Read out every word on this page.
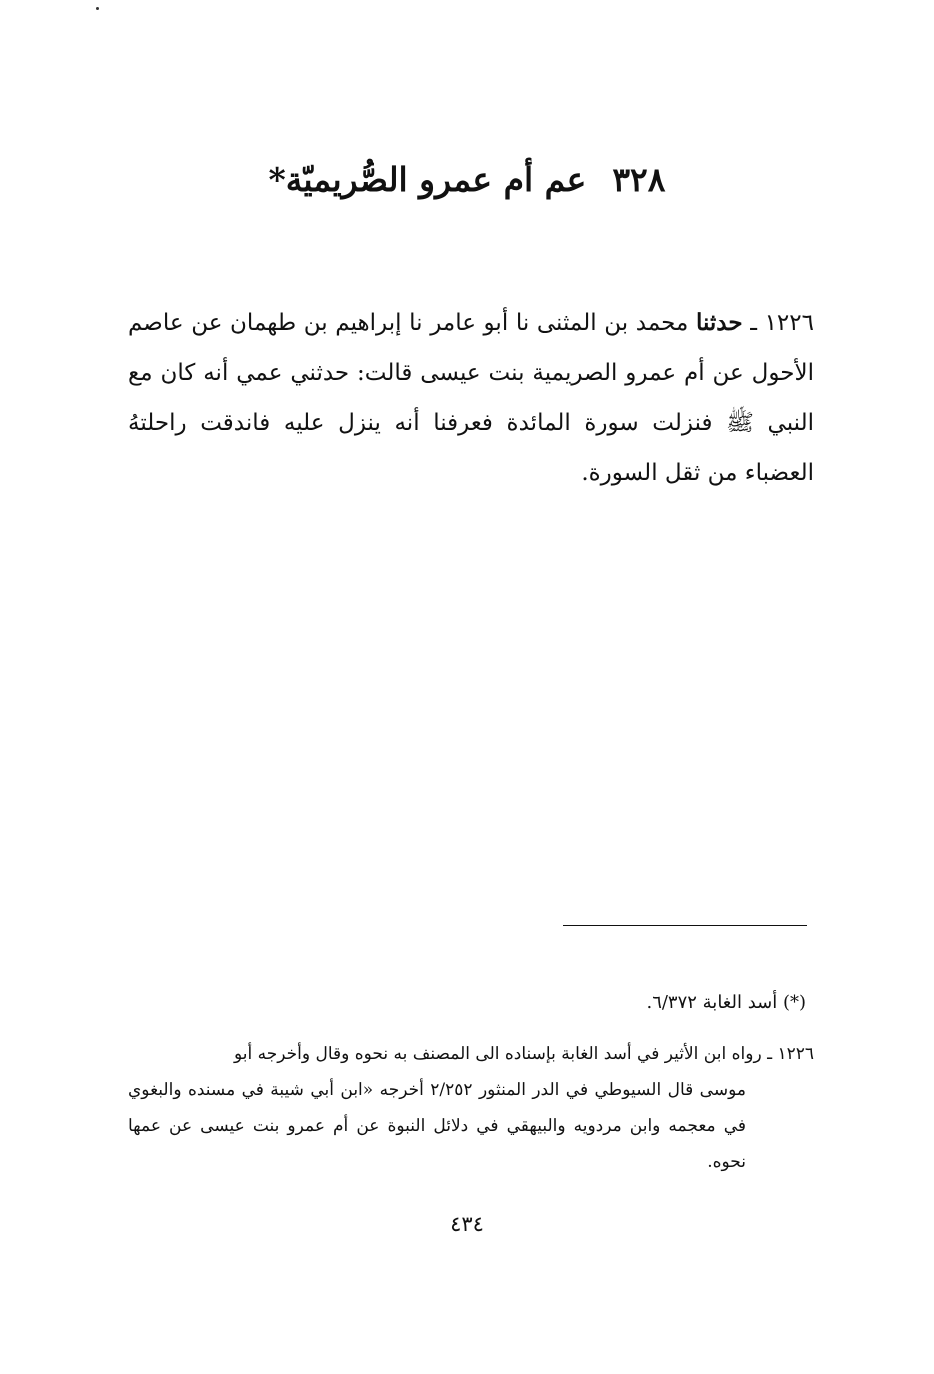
٣٢٨عم أم عمرو الصُّريميّة*
١٢٢٦ ـ حدثنا محمد بن المثنى نا أبو عامر نا إبراهيم بن طهمان عن عاصم الأحول عن أم عمرو الصريمية بنت عيسى قالت: حدثني عمي أنه كان مع النبي ﷺ فنزلت سورة المائدة فعرفنا أنه ينزل عليه فاندقت راحلتهُ العضباء من ثقل السورة.
(*) أسد الغابة ٦/٣٧٢.
١٢٢٦ ـ رواه ابن الأثير في أسد الغابة بإسناده الى المصنف به نحوه وقال وأخرجه أبو
موسى قال السيوطي في الدر المنثور ٢/٢٥٢ أخرجه «ابن أبي شيبة في مسنده والبغوي في معجمه وابن مردويه والبيهقي في دلائل النبوة عن أم عمرو بنت عيسى عن عمها نحوه.
٤٣٤
